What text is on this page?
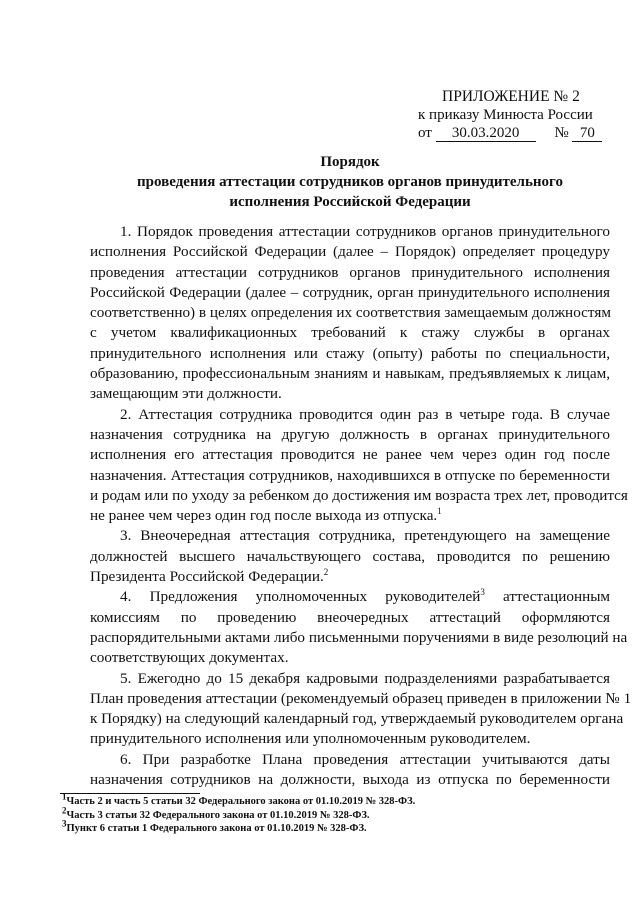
ПРИЛОЖЕНИЕ № 2
к приказу Минюста России
от 30.03.2020 № 70
Порядок
проведения аттестации сотрудников органов принудительного
исполнения Российской Федерации
1. Порядок проведения аттестации сотрудников органов принудительного
исполнения Российской Федерации (далее – Порядок) определяет процедуру
проведения аттестации сотрудников органов принудительного исполнения
Российской Федерации (далее – сотрудник, орган принудительного исполнения
соответственно) в целях определения их соответствия замещаемым должностям
с учетом квалификационных требований к стажу службы в органах
принудительного исполнения или стажу (опыту) работы по специальности,
образованию, профессиональным знаниям и навыкам, предъявляемых к лицам,
замещающим эти должности.
2. Аттестация сотрудника проводится один раз в четыре года. В случае
назначения сотрудника на другую должность в органах принудительного
исполнения его аттестация проводится не ранее чем через один год после
назначения. Аттестация сотрудников, находившихся в отпуске по беременности
и родам или по уходу за ребенком до достижения им возраста трех лет, проводится
не ранее чем через один год после выхода из отпуска.$^1$
3. Внеочередная аттестация сотрудника, претендующего на замещение
должностей высшего начальствующего состава, проводится по решению
Президента Российской Федерации.$^2$
4. Предложения уполномоченных руководителей$^3$ аттестационным
комиссиям по проведению внеочередных аттестаций оформляются
распорядительными актами либо письменными поручениями в виде резолюций на
соответствующих документах.
5. Ежегодно до 15 декабря кадровыми подразделениями разрабатывается
План проведения аттестации (рекомендуемый образец приведен в приложении № 1
к Порядку) на следующий календарный год, утверждаемый руководителем органа
принудительного исполнения или уполномоченным руководителем.
6. При разработке Плана проведения аттестации учитываются даты
назначения сотрудников на должности, выхода из отпуска по беременности
$^1$Часть 2 и часть 5 статьи 32 Федерального закона от 01.10.2019 № 328-ФЗ.
$^2$Часть 3 статьи 32 Федерального закона от 01.10.2019 № 328-ФЗ.
$^3$Пункт 6 статьи 1 Федерального закона от 01.10.2019 № 328-ФЗ.
